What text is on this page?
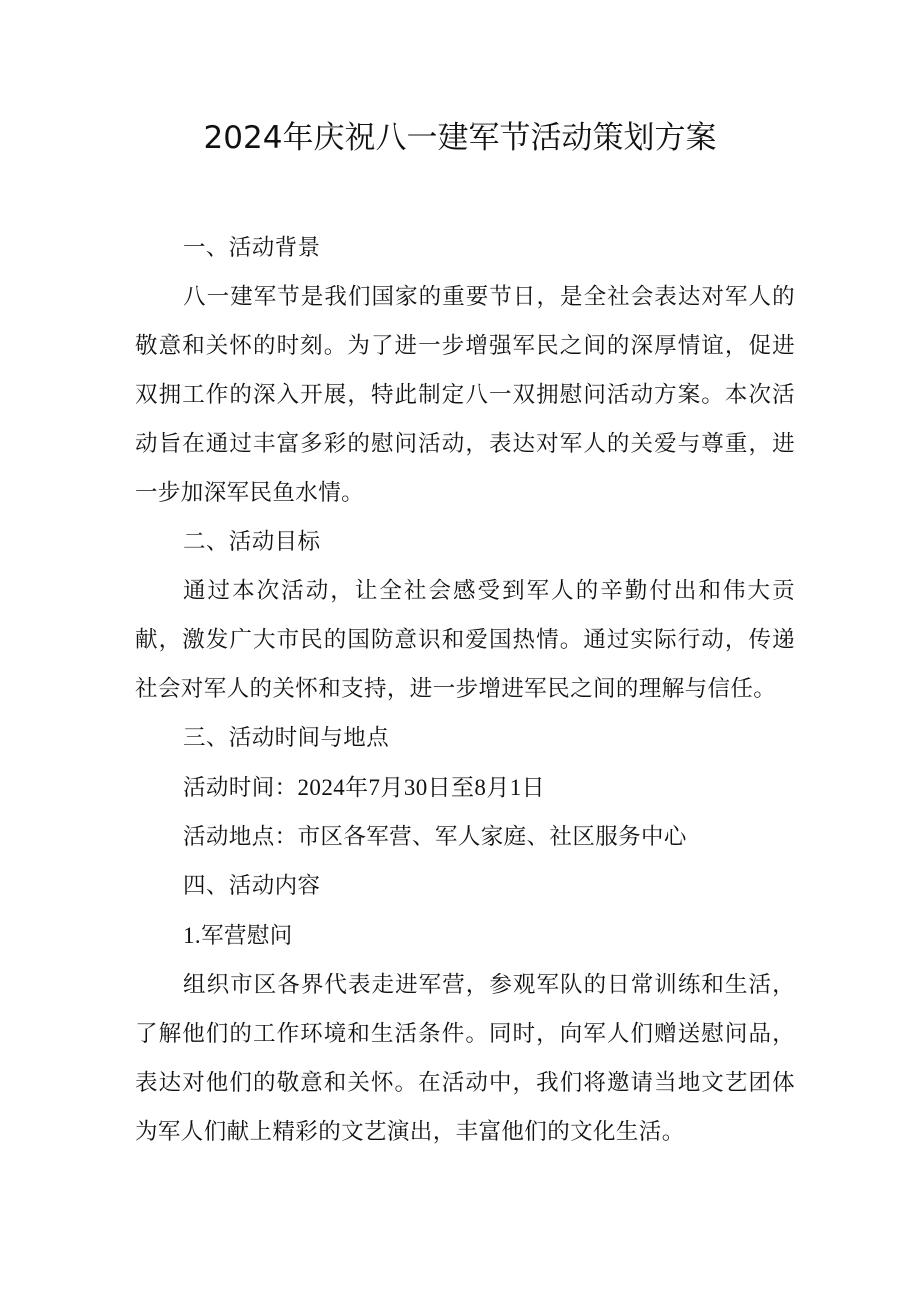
2024年庆祝八一建军节活动策划方案

一、活动背景

八一建军节是我们国家的重要节日，是全社会表达对军人的敬意和关怀的时刻。为了进一步增强军民之间的深厚情谊，促进双拥工作的深入开展，特此制定八一双拥慰问活动方案。本次活动旨在通过丰富多彩的慰问活动，表达对军人的关爱与尊重，进一步加深军民鱼水情。

二、活动目标

通过本次活动，让全社会感受到军人的辛勤付出和伟大贡献，激发广大市民的国防意识和爱国热情。通过实际行动，传递社会对军人的关怀和支持，进一步增进军民之间的理解与信任。

三、活动时间与地点

活动时间：2024年7月30日至8月1日

活动地点：市区各军营、军人家庭、社区服务中心

四、活动内容

1.军营慰问

组织市区各界代表走进军营，参观军队的日常训练和生活，了解他们的工作环境和生活条件。同时，向军人们赠送慰问品，表达对他们的敬意和关怀。在活动中，我们将邀请当地文艺团体为军人们献上精彩的文艺演出，丰富他们的文化生活。
